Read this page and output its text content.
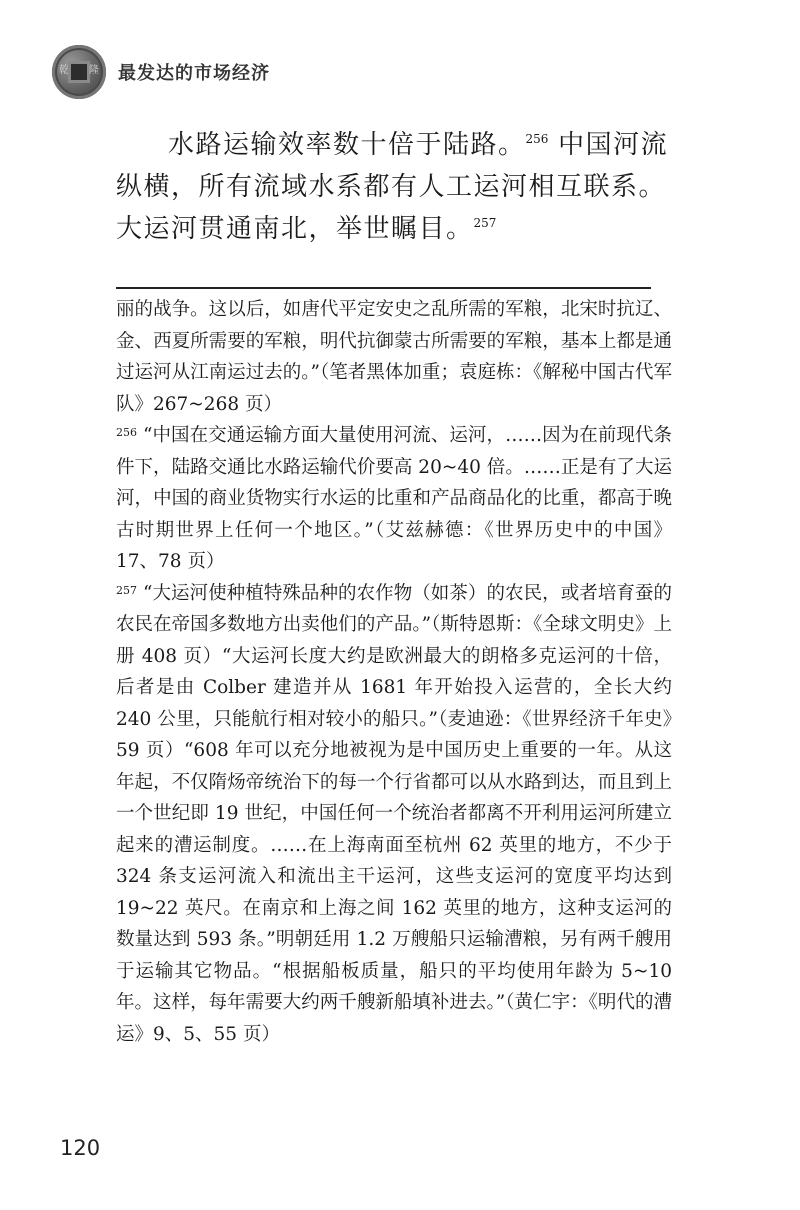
乾 隆 最发达的市场经济

水路运输效率数十倍于陆路。$^{256}$ 中国河流纵横，所有流域水系都有人工运河相互联系。大运河贯通南北，举世瞩目。$^{257}$

丽的战争。这以后，如唐代平定安史之乱所需的军粮，北宋时抗辽、金、西夏所需要的军粮，明代抗御蒙古所需要的军粮，基本上都是通过运河从江南运过去的。”（笔者黑体加重；袁庭栋：《解秘中国古代军队》267~268 页）

$^{256}$ “中国在交通运输方面大量使用河流、运河，……因为在前现代条件下，陆路交通比水路运输代价要高 20~40 倍。……正是有了大运河，中国的商业货物实行水运的比重和产品商品化的比重，都高于晚古时期世界上任何一个地区。”（艾兹赫德：《世界历史中的中国》17、78 页）

$^{257}$ “大运河使种植特殊品种的农作物（如茶）的农民，或者培育蚕的农民在帝国多数地方出卖他们的产品。”（斯特恩斯：《全球文明史》上册 408 页）“大运河长度大约是欧洲最大的朗格多克运河的十倍，后者是由 Colber 建造并从 1681 年开始投入运营的，全长大约 240 公里，只能航行相对较小的船只。”（麦迪逊：《世界经济千年史》59 页）“608 年可以充分地被视为是中国历史上重要的一年。从这年起，不仅隋炀帝统治下的每一个行省都可以从水路到达，而且到上一个世纪即 19 世纪，中国任何一个统治者都离不开利用运河所建立起来的漕运制度。……在上海南面至杭州 62 英里的地方，不少于 324 条支运河流入和流出主干运河，这些支运河的宽度平均达到 19~22 英尺。在南京和上海之间 162 英里的地方，这种支运河的数量达到 593 条。”明朝廷用 1.2 万艘船只运输漕粮，另有两千艘用于运输其它物品。“根据船板质量，船只的平均使用年龄为 5~10 年。这样，每年需要大约两千艘新船填补进去。”（黄仁宇：《明代的漕运》9、5、55 页）

120
